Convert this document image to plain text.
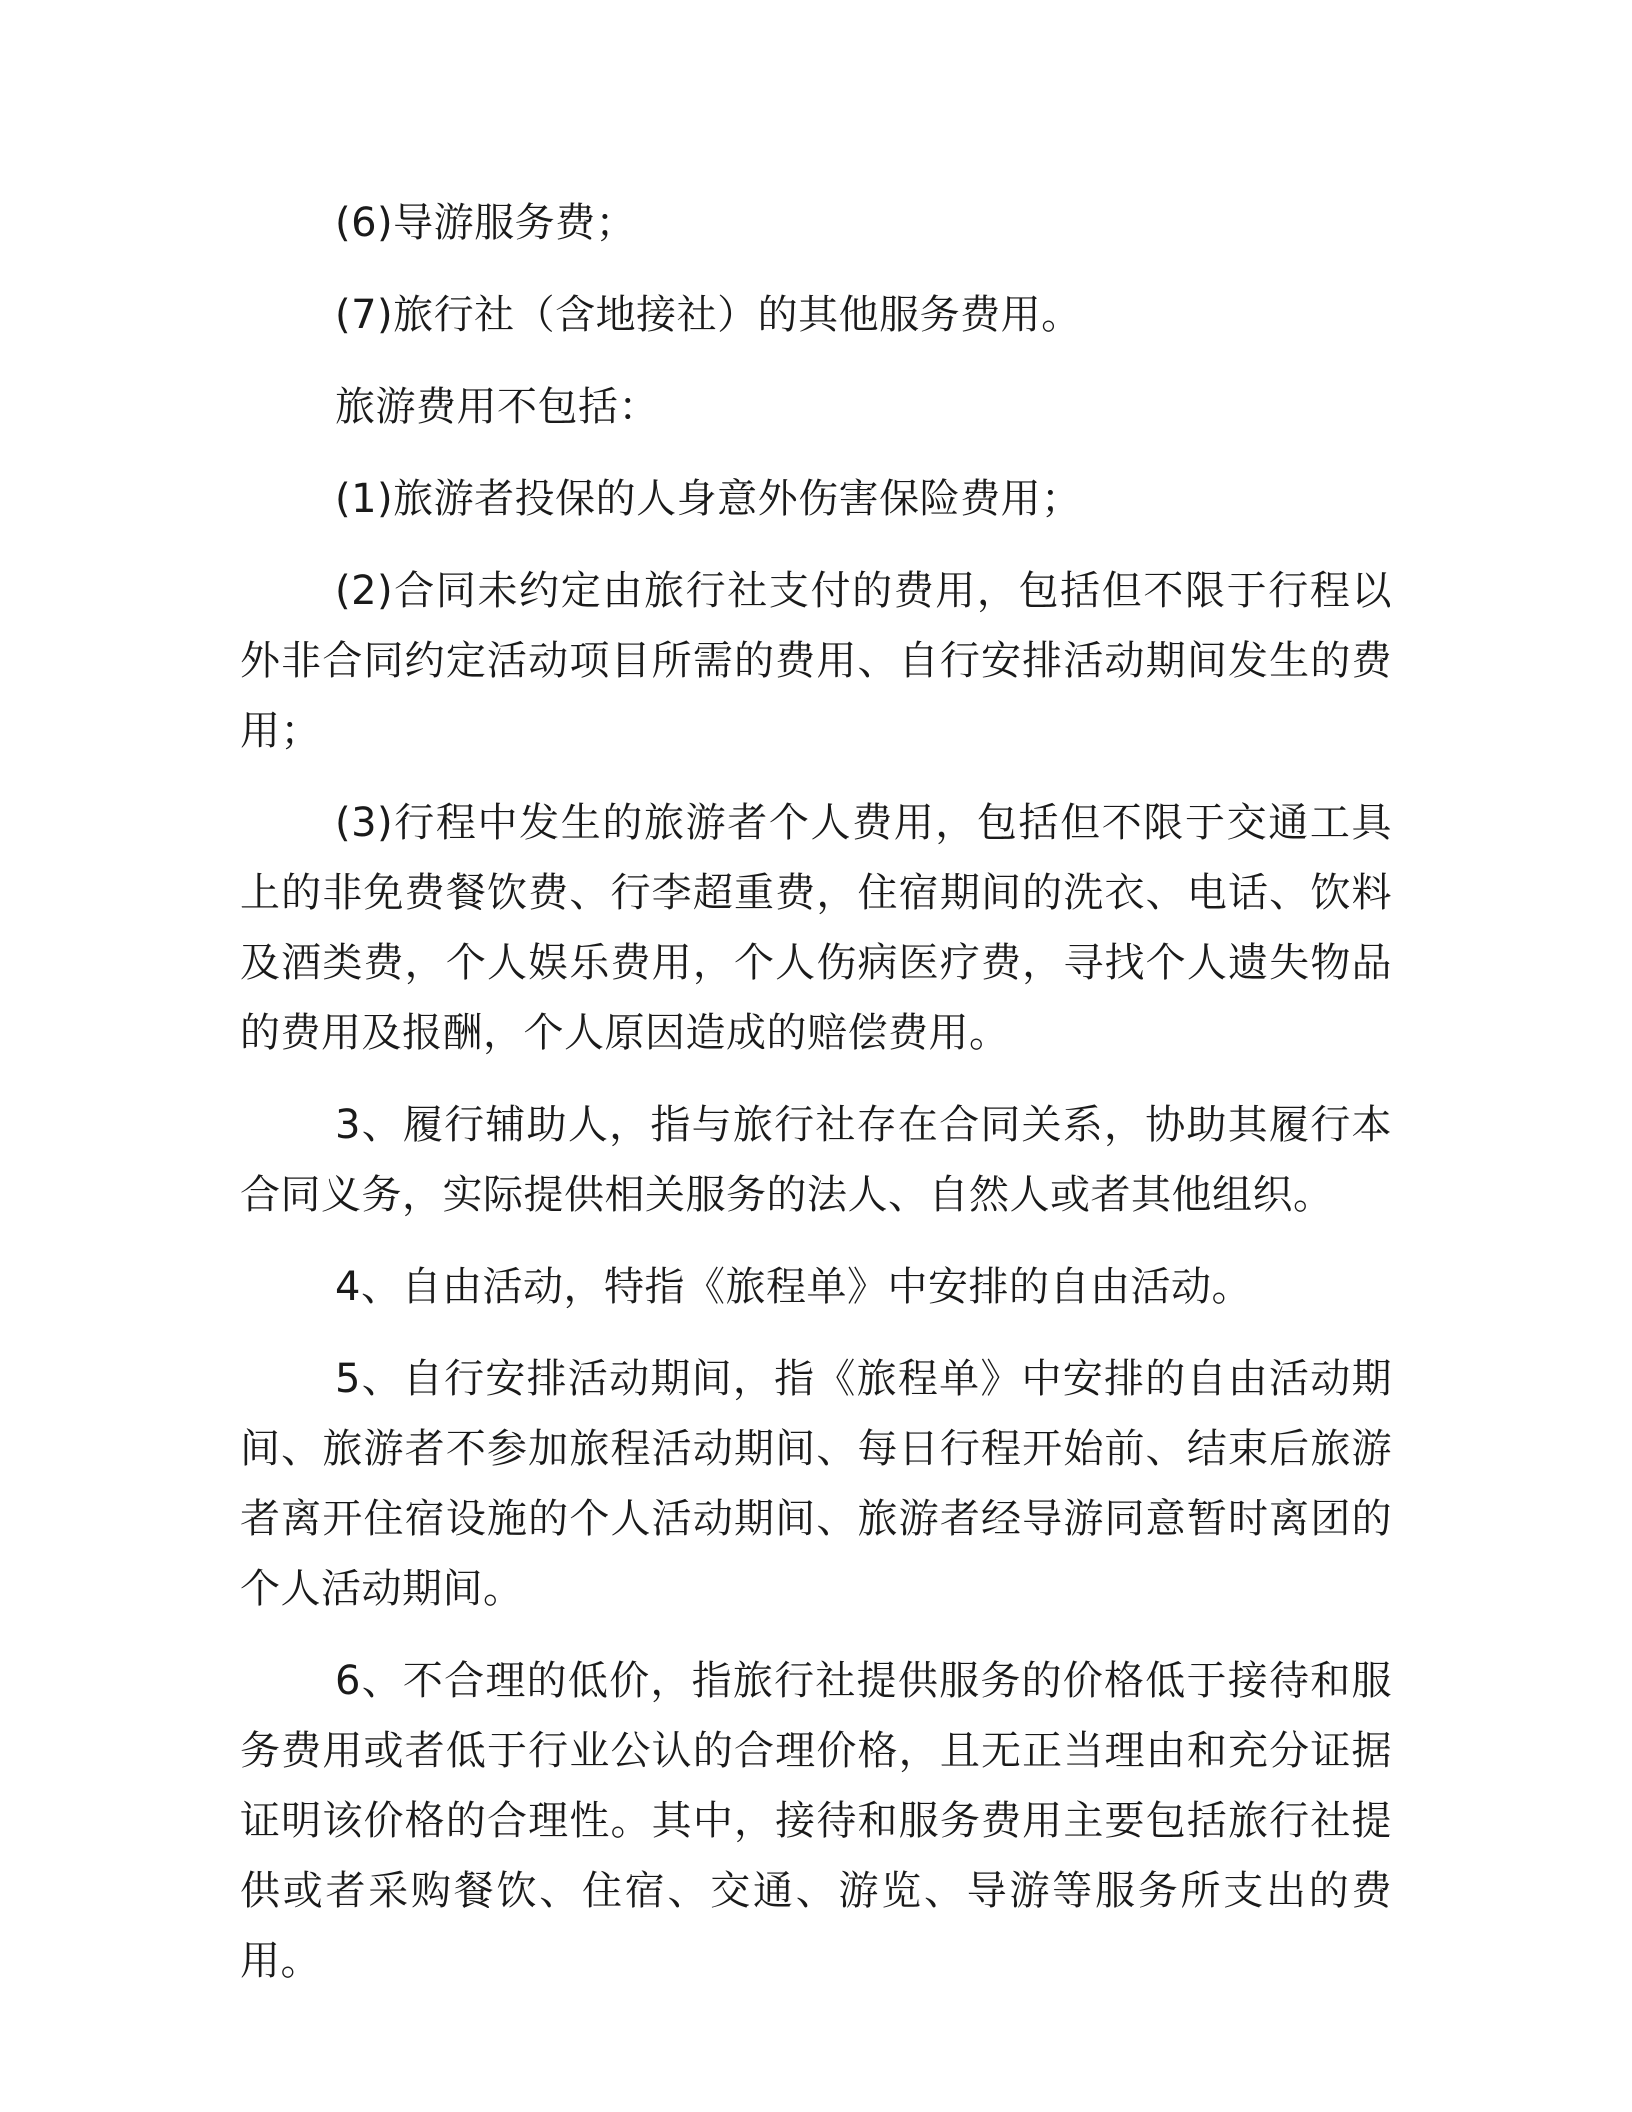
(6)导游服务费；

(7)旅行社（含地接社）的其他服务费用。

旅游费用不包括：

(1)旅游者投保的人身意外伤害保险费用；

(2)合同未约定由旅行社支付的费用，包括但不限于行程以外非合同约定活动项目所需的费用、自行安排活动期间发生的费用；

(3)行程中发生的旅游者个人费用，包括但不限于交通工具上的非免费餐饮费、行李超重费，住宿期间的洗衣、电话、饮料及酒类费，个人娱乐费用，个人伤病医疗费，寻找个人遗失物品的费用及报酬，个人原因造成的赔偿费用。

3、履行辅助人，指与旅行社存在合同关系，协助其履行本合同义务，实际提供相关服务的法人、自然人或者其他组织。

4、自由活动，特指《旅程单》中安排的自由活动。

5、自行安排活动期间，指《旅程单》中安排的自由活动期间、旅游者不参加旅程活动期间、每日行程开始前、结束后旅游者离开住宿设施的个人活动期间、旅游者经导游同意暂时离团的个人活动期间。

6、不合理的低价，指旅行社提供服务的价格低于接待和服务费用或者低于行业公认的合理价格，且无正当理由和充分证据证明该价格的合理性。其中，接待和服务费用主要包括旅行社提供或者采购餐饮、住宿、交通、游览、导游等服务所支出的费用。
